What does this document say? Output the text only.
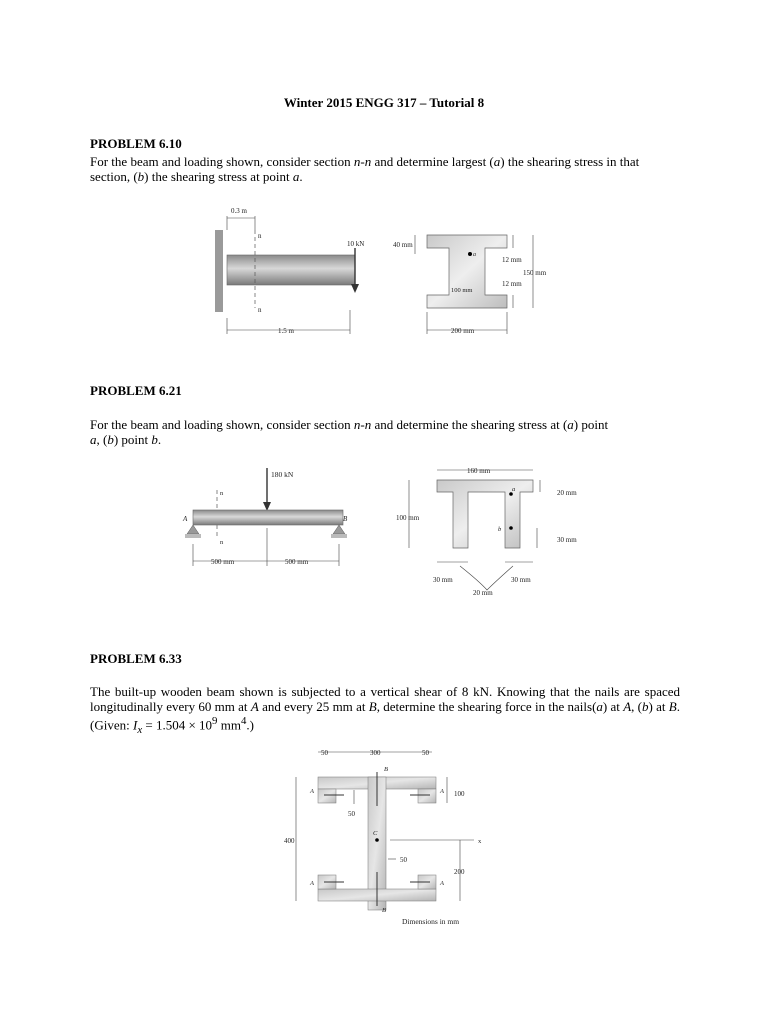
Winter 2015 ENGG 317 – Tutorial 8
PROBLEM 6.10
For the beam and loading shown, consider section n-n and determine largest (a) the shearing stress in that section, (b) the shearing stress at point a.
n
n
0.3 m
10 kN
1.5 m
a
40 mm
12 mm
150 mm
12 mm
100 mm
200 mm
PROBLEM 6.21
For the beam and loading shown, consider section n-n and determine the shearing stress at (a) point a, (b) point b.
180 kN
n
n
A	B
500 mm	500 mm
160 mm
a	20 mm
100 mm
b
30 mm
30 mm	30 mm
20 mm
PROBLEM 6.33
The built-up wooden beam shown is subjected to a vertical shear of 8 kN. Knowing that the nails are spaced longitudinally every 60 mm at A and every 25 mm at B, determine the shearing force in the nails(a) at A, (b) at B. (Given: $I_x = 1.504 \times 10^9$ $mm^4$.)
50	300	50
B
A	A 100
50
C
x
400
50
200
A	A
B
Dimensions in mm
